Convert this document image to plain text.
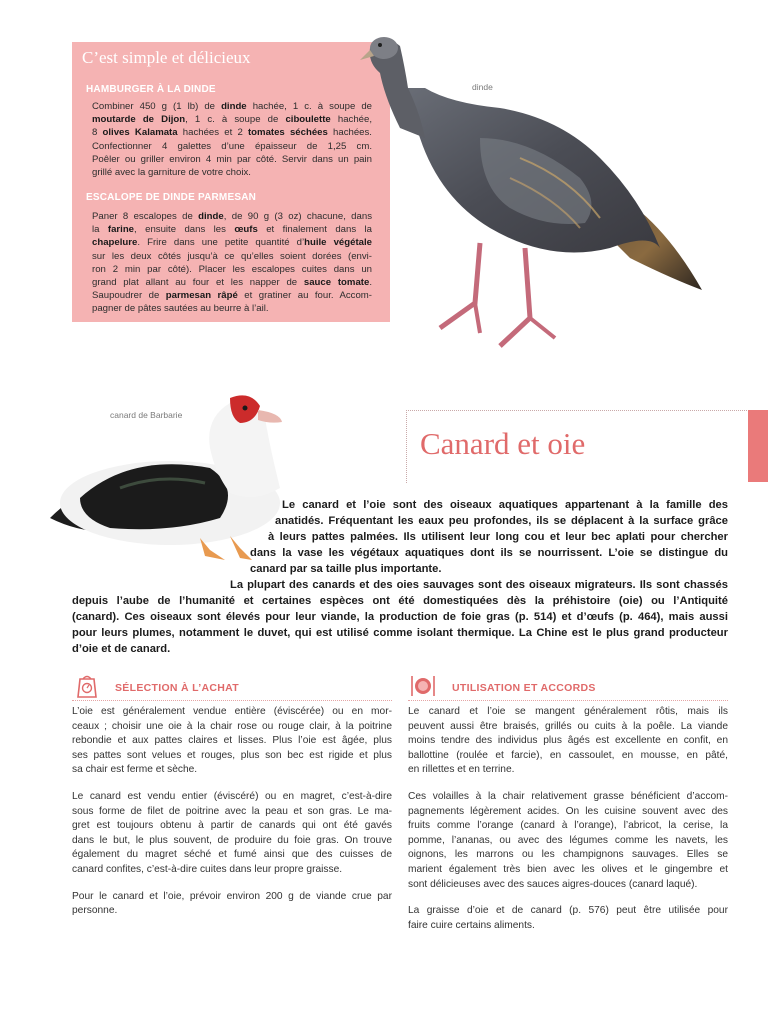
C’est simple et délicieux
HAMBURGER À LA DINDE
Combiner 450 g (1 lb) de dinde hachée, 1 c. à soupe de
moutarde de Dijon, 1 c. à soupe de ciboulette hachée,
8 olives Kalamata hachées et 2 tomates séchées hachées.
Confectionner 4 galettes d’une épaisseur de 1,25 cm.
Poêler ou griller environ 4 min par côté. Servir dans un pain
grillé avec la garniture de votre choix.
ESCALOPE DE DINDE PARMESAN
Paner 8 escalopes de dinde, de 90 g (3 oz) chacune, dans
la farine, ensuite dans les œufs et finalement dans la
chapelure. Frire dans une petite quantité d’huile végétale
sur les deux côtés jusqu’à ce qu’elles soient dorées (envi-
ron 2 min par côté). Placer les escalopes cuites dans un
grand plat allant au four et les napper de sauce tomate.
Saupoudrer de parmesan râpé et gratiner au four. Accom-
pagner de pâtes sautées au beurre à l’ail.
dinde
canard de Barbarie
Canard et oie
Le canard et l’oie sont des oiseaux aquatiques appartenant à la famille des
anatidés. Fréquentant les eaux peu profondes, ils se déplacent à la surface grâce
à leurs pattes palmées. Ils utilisent leur long cou et leur bec aplati pour chercher
dans la vase les végétaux aquatiques dont ils se nourrissent. L’oie se distingue du
canard par sa taille plus importante.
La plupart des canards et des oies sauvages sont des oiseaux migrateurs. Ils sont chassés
depuis l’aube de l’humanité et certaines espèces ont été domestiquées dès la préhistoire (oie) ou l’Antiquité
(canard). Ces oiseaux sont élevés pour leur viande, la production de foie gras (p. 514) et d’œufs (p. 464), mais aussi
pour leurs plumes, notamment le duvet, qui est utilisé comme isolant thermique. La Chine est le plus grand producteur
d’oie et de canard.
SÉLECTION À L’ACHAT
L’oie est généralement vendue entière (éviscérée) ou en mor-
ceaux ; choisir une oie à la chair rose ou rouge clair, à la poitrine
rebondie et aux pattes claires et lisses. Plus l’oie est âgée, plus
ses pattes sont velues et rouges, plus son bec est rigide et plus
sa chair est ferme et sèche.
Le canard est vendu entier (éviscéré) ou en magret, c’est-à-dire
sous forme de filet de poitrine avec la peau et son gras. Le ma-
gret est toujours obtenu à partir de canards qui ont été gavés
dans le but, le plus souvent, de produire du foie gras. On trouve
également du magret séché et fumé ainsi que des cuisses de
canard confites, c’est-à-dire cuites dans leur propre graisse.
Pour le canard et l’oie, prévoir environ 200 g de viande crue par
personne.
UTILISATION ET ACCORDS
Le canard et l’oie se mangent généralement rôtis, mais ils
peuvent aussi être braisés, grillés ou cuits à la poêle. La viande
moins tendre des individus plus âgés est excellente en confit, en
ballottine (roulée et farcie), en cassoulet, en mousse, en pâté,
en rillettes et en terrine.
Ces volailles à la chair relativement grasse bénéficient d’accom-
pagnements légèrement acides. On les cuisine souvent avec des
fruits comme l’orange (canard à l’orange), l’abricot, la cerise, la
pomme, l’ananas, ou avec des légumes comme les navets, les
oignons, les marrons ou les champignons sauvages. Elles se
marient également très bien avec les olives et le gingembre et
sont délicieuses avec des sauces aigres-douces (canard laqué).
La graisse d’oie et de canard (p. 576) peut être utilisée pour
faire cuire certains aliments.
